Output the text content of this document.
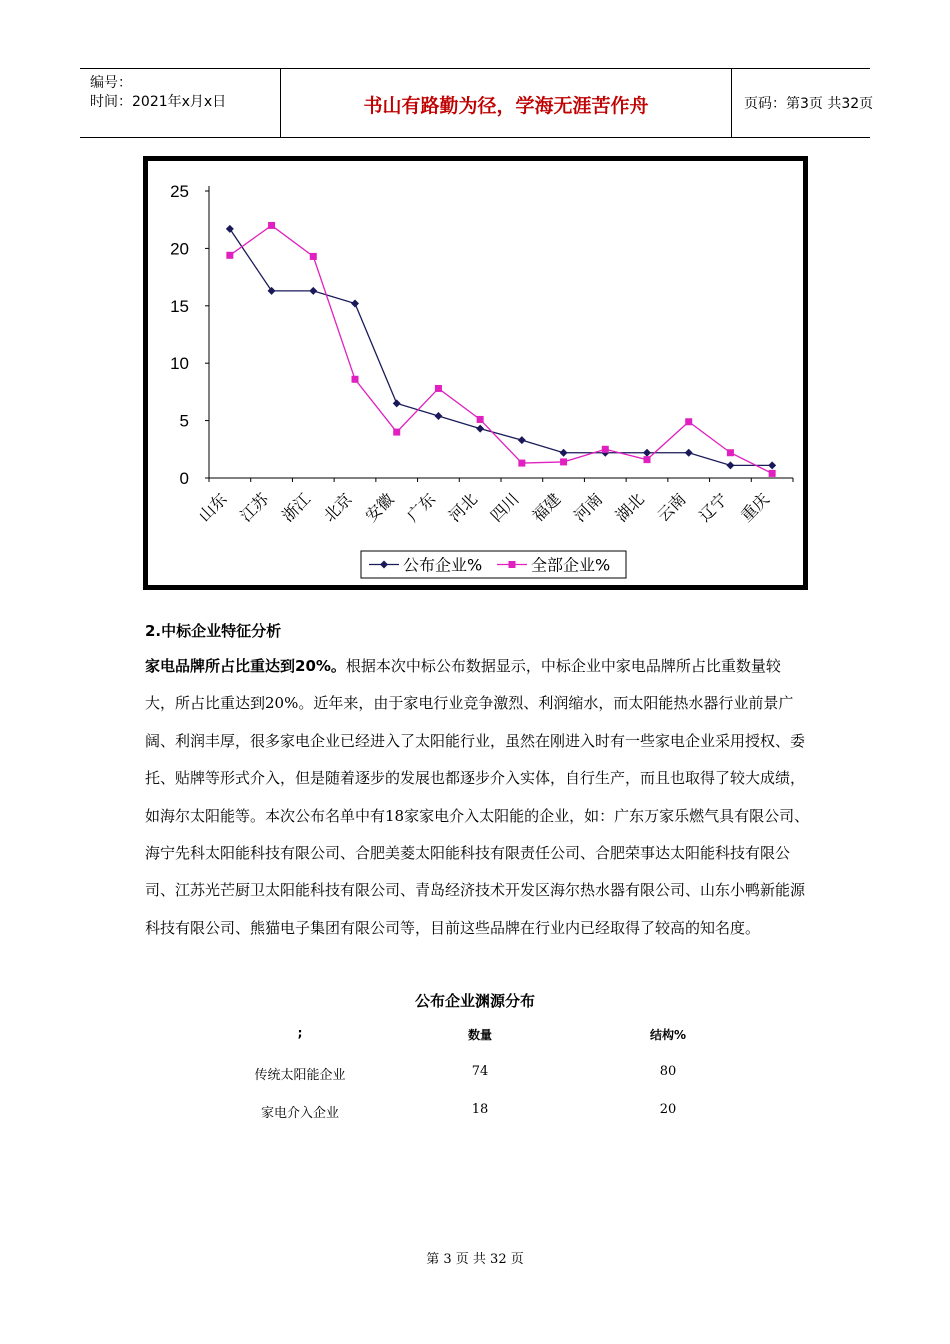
编号：
时间：2021年x月x日	书山有路勤为径，学海无涯苦作舟	页码：第3页 共32页
0
5
10
15
20
25
山东 江苏 浙江 北京 安徽 广东 河北 四川 福建 河南 湖北 云南 辽宁 重庆
公布企业%	全部企业%
2.中标企业特征分析
家电品牌所占比重达到20%。根据本次中标公布数据显示，中标企业中家电品牌所占比重数量较大，所占比重达到20%。近年来，由于家电行业竞争激烈、利润缩水，而太阳能热水器行业前景广阔、利润丰厚，很多家电企业已经进入了太阳能行业，虽然在刚进入时有一些家电企业采用授权、委托、贴牌等形式介入，但是随着逐步的发展也都逐步介入实体，自行生产，而且也取得了较大成绩，如海尔太阳能等。本次公布名单中有18家家电介入太阳能的企业，如：广东万家乐燃气具有限公司、海宁先科太阳能科技有限公司、合肥美菱太阳能科技有限责任公司、合肥荣事达太阳能科技有限公司、江苏光芒厨卫太阳能科技有限公司、青岛经济技术开发区海尔热水器有限公司、山东小鸭新能源科技有限公司、熊猫电子集团有限公司等，目前这些品牌在行业内已经取得了较高的知名度。
公布企业渊源分布
;	数量	结构%
传统太阳能企业	74	80
家电介入企业	18	20
第 3 页 共 32 页
